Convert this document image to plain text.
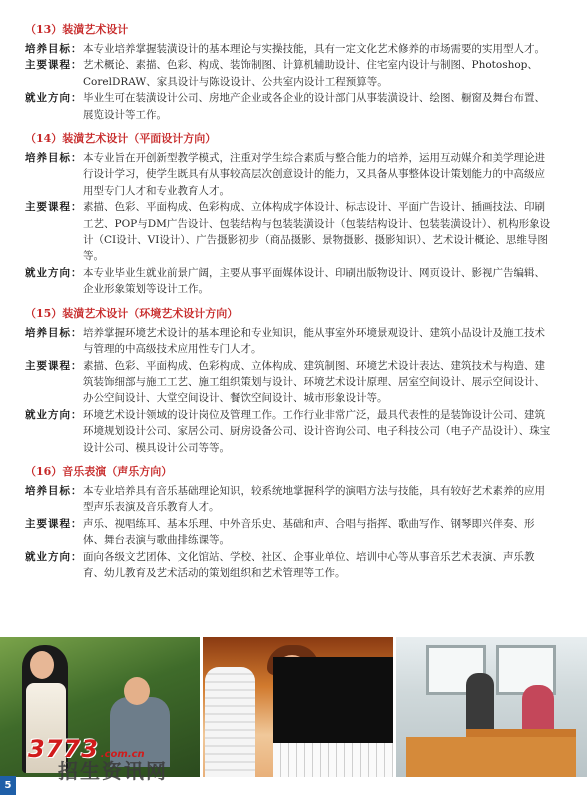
（13）装潢艺术设计
培养目标： 本专业培养掌握装潢设计的基本理论与实操技能，具有一定文化艺术修养的市场需要的实用型人才。
主要课程： 艺术概论、素描、色彩、构成、装饰制图、计算机辅助设计、住宅室内设计与制图、Photoshop、CorelDRAW、家具设计与陈设设计、公共室内设计工程预算等。
就业方向： 毕业生可在装潢设计公司、房地产企业或各企业的设计部门从事装潢设计、绘图、橱窗及舞台布置、展览设计等工作。
（14）装潢艺术设计（平面设计方向）
培养目标： 本专业旨在开创新型教学模式，注重对学生综合素质与整合能力的培养，运用互动媒介和美学理论进行设计学习，使学生既具有从事较高层次创意设计的能力，又具备从事整体设计策划能力的中高级应用型专门人才和专业教育人才。
主要课程： 素描、色彩、平面构成、色彩构成、立体构成字体设计、标志设计、平面广告设计、插画技法、印刷工艺、POP与DM广告设计、包装结构与包装装潢设计（包装结构设计、包装装潢设计）、机构形象设计（CI设计、VI设计）、广告摄影初步（商品摄影、景物摄影、摄影知识）、艺术设计概论、思维导图等。
就业方向： 本专业毕业生就业前景广阔，主要从事平面媒体设计、印刷出版物设计、网页设计、影视广告编辑、企业形象策划等设计工作。
（15）装潢艺术设计（环境艺术设计方向）
培养目标： 培养掌握环境艺术设计的基本理论和专业知识，能从事室外环境景观设计、建筑小品设计及施工技术与管理的中高级技术应用性专门人才。
主要课程： 素描、色彩、平面构成、色彩构成、立体构成、建筑制图、环境艺术设计表达、建筑技术与构造、建筑装饰细部与施工工艺、施工组织策划与设计、环境艺术设计原理、居室空间设计、展示空间设计、办公空间设计、大堂空间设计、餐饮空间设计、城市形象设计等。
就业方向： 环境艺术设计领域的设计岗位及管理工作。工作行业非常广泛，最具代表性的是装饰设计公司、建筑环境规划设计公司、家居公司、厨房设备公司、设计咨询公司、电子科技公司（电子产品设计）、珠宝设计公司、模具设计公司等等。
（16）音乐表演（声乐方向）
培养目标： 本专业培养具有音乐基础理论知识，较系统地掌握科学的演唱方法与技能，具有较好艺术素养的应用型声乐表演及音乐教育人才。
主要课程： 声乐、视唱练耳、基本乐理、中外音乐史、基础和声、合唱与指挥、歌曲写作、钢琴即兴伴奏、形体、舞台表演与歌曲排练课等。
就业方向： 面向各级文艺团体、文化馆站、学校、社区、企事业单位、培训中心等从事音乐艺术表演、声乐教育、幼儿教育及艺术活动的策划组织和艺术管理等工作。
3773 .com.cn
招生资讯网
5
